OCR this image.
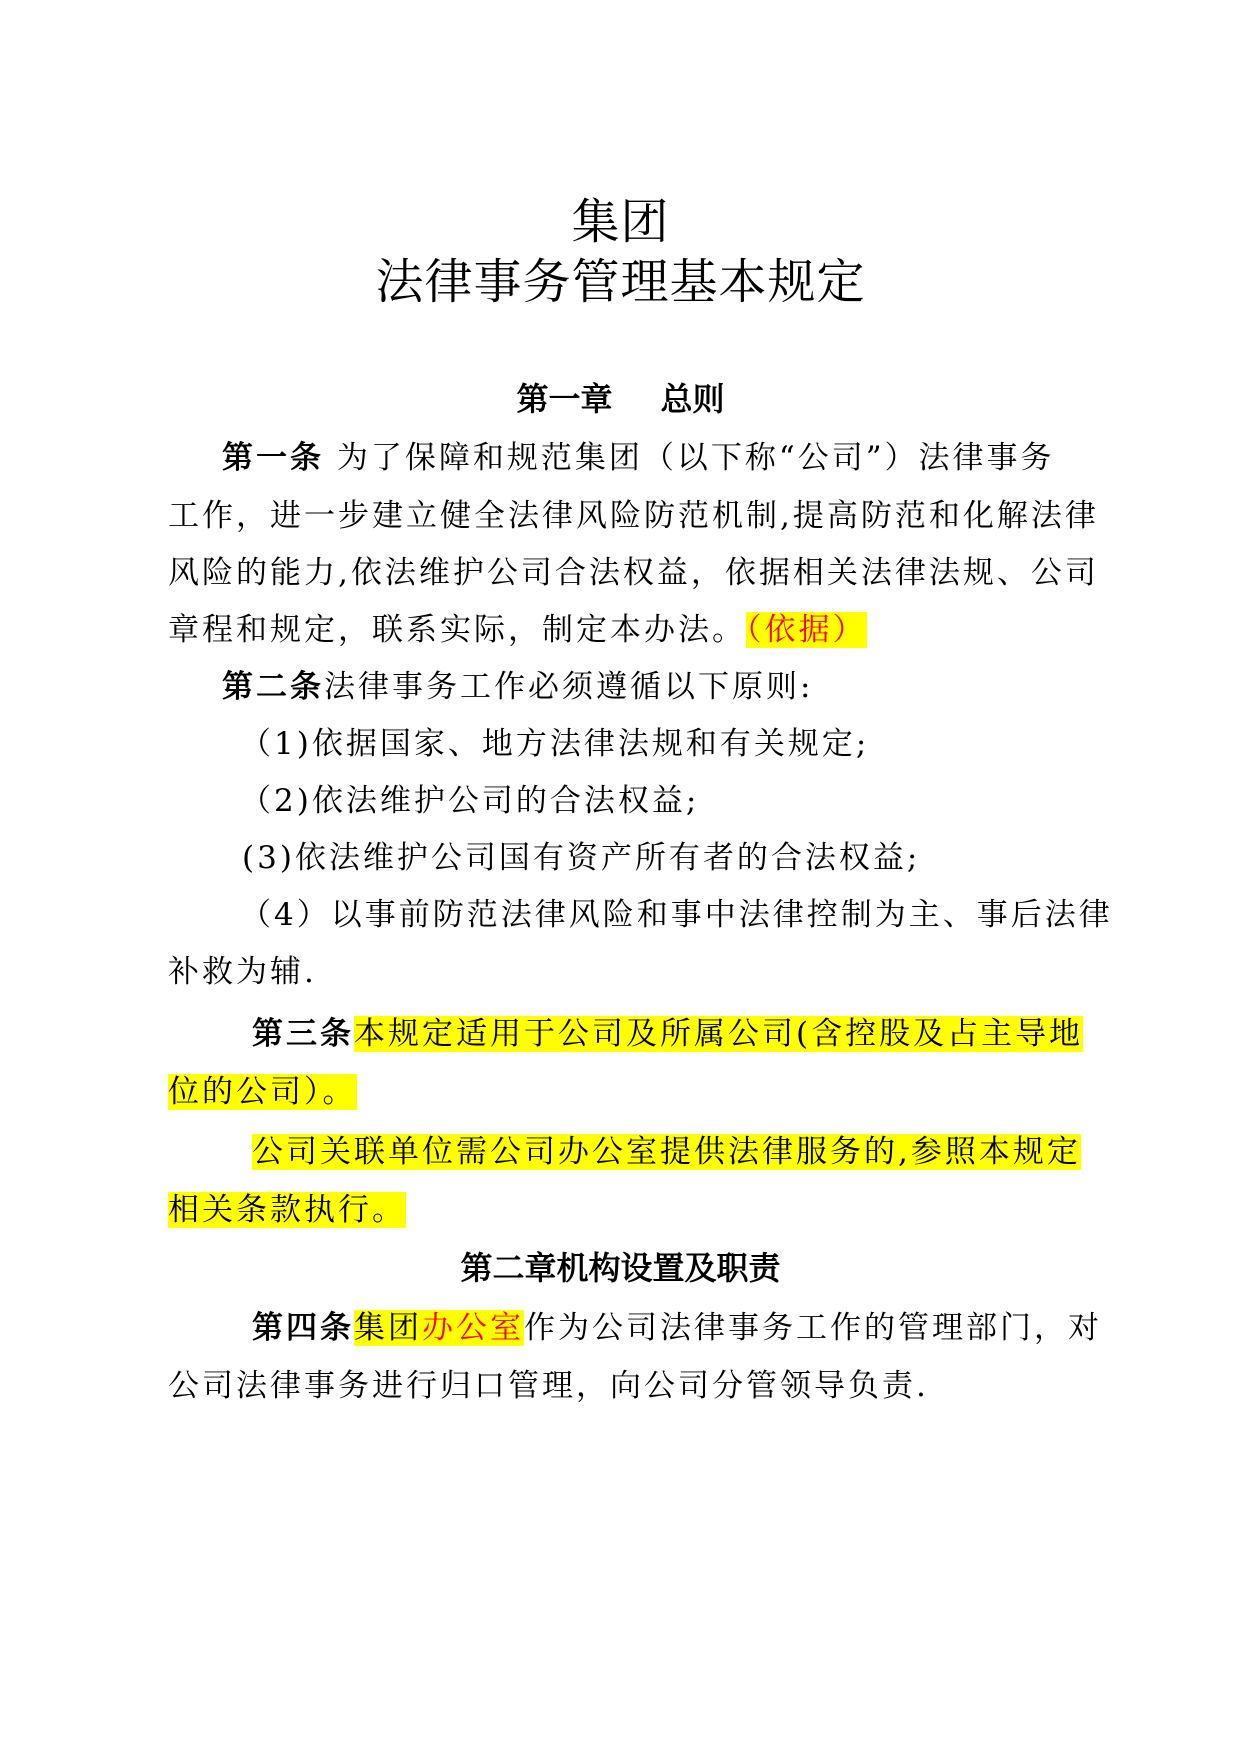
集团
法律事务管理基本规定
第一章 总则
第一条 为了保障和规范集团（以下称“公司”）法律事务
工作，进一步建立健全法律风险防范机制,提高防范和化解法律
风险的能力,依法维护公司合法权益，依据相关法律法规、公司
章程和规定，联系实际，制定本办法。（依据）
第二条法律事务工作必须遵循以下原则:
（1)依据国家、地方法律法规和有关规定;
（2)依法维护公司的合法权益;
(3)依法维护公司国有资产所有者的合法权益;
（4）以事前防范法律风险和事中法律控制为主、事后法律
补救为辅.
第三条本规定适用于公司及所属公司(含控股及占主导地
位的公司）。
公司关联单位需公司办公室提供法律服务的,参照本规定
相关条款执行。
第二章机构设置及职责
第四条集团办公室作为公司法律事务工作的管理部门，对
公司法律事务进行归口管理，向公司分管领导负责.
